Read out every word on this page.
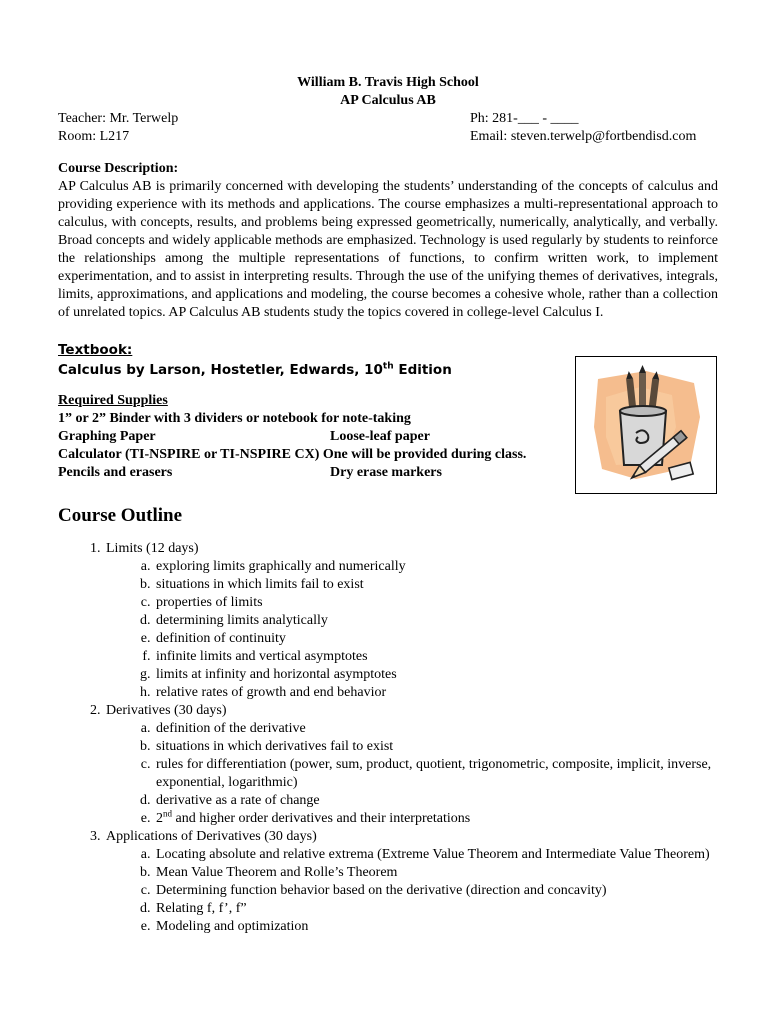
William B. Travis High School
AP Calculus AB
Teacher: Mr. Terwelp	Ph: 281-___ - ____
Room: L217	Email: steven.terwelp@fortbendisd.com
Course Description:

AP Calculus AB is primarily concerned with developing the students’ understanding of the concepts of calculus and providing experience with its methods and applications. The course emphasizes a multi-representational approach to calculus, with concepts, results, and problems being expressed geometrically, numerically, analytically, and verbally. Broad concepts and widely applicable methods are emphasized. Technology is used regularly by students to reinforce the relationships among the multiple representations of functions, to confirm written work, to implement experimentation, and to assist in interpreting results. Through the use of the unifying themes of derivatives, integrals, limits, approximations, and applications and modeling, the course becomes a cohesive whole, rather than a collection of unrelated topics. AP Calculus AB students study the topics covered in college-level Calculus I.

Textbook:
Calculus by Larson, Hostetler, Edwards, 10th Edition
Required Supplies
1” or 2” Binder with 3 dividers or notebook for note-taking
Graphing Paper	Loose-leaf paper
Calculator (TI-NSPIRE or TI-NSPIRE CX) One will be provided during class.
Pencils and erasers	Dry erase markers
Course Outline
1. Limits (12 days)
a. exploring limits graphically and numerically
b. situations in which limits fail to exist
c. properties of limits
d. determining limits analytically
e. definition of continuity
f. infinite limits and vertical asymptotes
g. limits at infinity and horizontal asymptotes
h. relative rates of growth and end behavior
2. Derivatives (30 days)
a. definition of the derivative
b. situations in which derivatives fail to exist
c. rules for differentiation (power, sum, product, quotient, trigonometric, composite, implicit, inverse, exponential, logarithmic)
d. derivative as a rate of change
e. 2nd and higher order derivatives and their interpretations
3. Applications of Derivatives (30 days)
a. Locating absolute and relative extrema (Extreme Value Theorem and Intermediate Value Theorem)
b. Mean Value Theorem and Rolle’s Theorem
c. Determining function behavior based on the derivative (direction and concavity)
d. Relating f, f’, f”
e. Modeling and optimization
